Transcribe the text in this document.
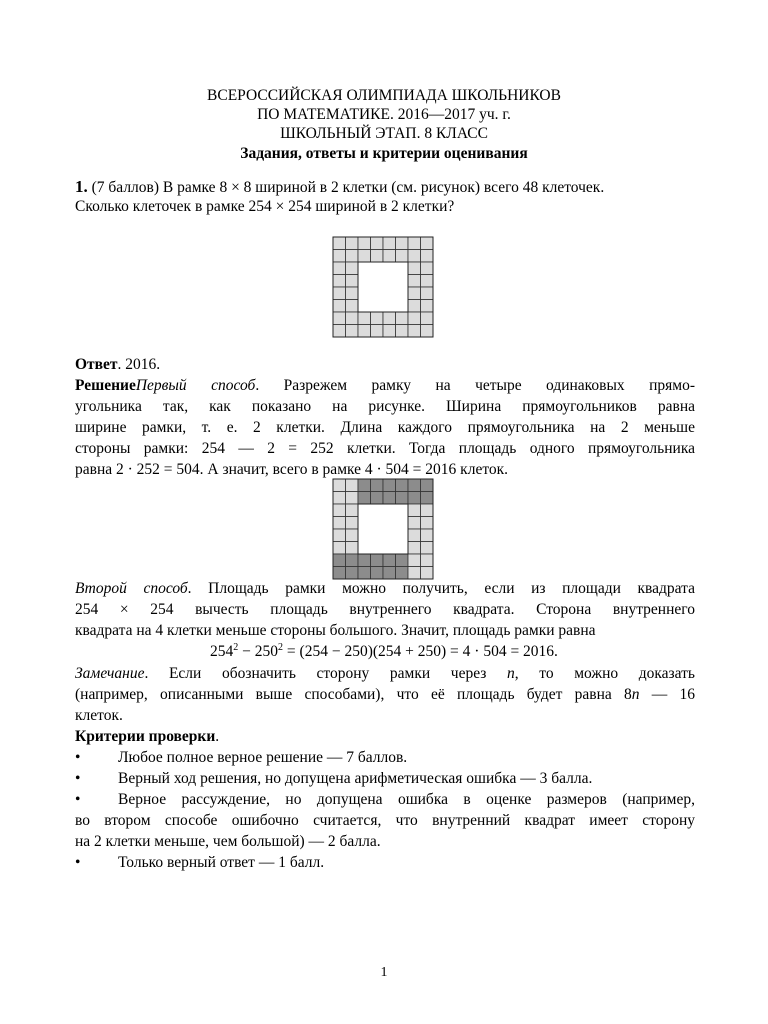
ВСЕРОССИЙСКАЯ ОЛИМПИАДА ШКОЛЬНИКОВ
ПО МАТЕМАТИКЕ. 2016—2017 уч. г.
ШКОЛЬНЫЙ ЭТАП. 8 КЛАСС
Задания, ответы и критерии оценивания
1. (7 баллов) В рамке 8 × 8 шириной в 2 клетки (см. рисунок) всего 48 клеточек.
Сколько клеточек в рамке 254 × 254 шириной в 2 клетки?
Ответ. 2016.
РешениеПервый способ. Разрежем рамку на четыре одинаковых прямо-
угольника так, как показано на рисунке. Ширина прямоугольников равна
ширине рамки, т. е. 2 клетки. Длина каждого прямоугольника на 2 меньше
стороны рамки: 254 — 2 = 252 клетки. Тогда площадь одного прямоугольника
равна 2 · 252 = 504. А значит, всего в рамке 4 · 504 = 2016 клеток.
Второй способ. Площадь рамки можно получить, если из площади квадрата
254 × 254 вычесть площадь внутреннего квадрата. Сторона внутреннего
квадрата на 4 клетки меньше стороны большого. Значит, площадь рамки равна
$254^2 - 250^2 = (254 - 250)(254 + 250) = 4 \cdot 504 = 2016$.
Замечание. Если обозначить сторону рамки через n, то можно доказать
(например, описанными выше способами), что её площадь будет равна 8n — 16
клеток.
Критерии проверки.
• Любое полное верное решение — 7 баллов.
• Верный ход решения, но допущена арифметическая ошибка — 3 балла.
• Верное рассуждение, но допущена ошибка в оценке размеров (например,
во втором способе ошибочно считается, что внутренний квадрат имеет сторону
на 2 клетки меньше, чем большой) — 2 балла.
• Только верный ответ — 1 балл.
1
